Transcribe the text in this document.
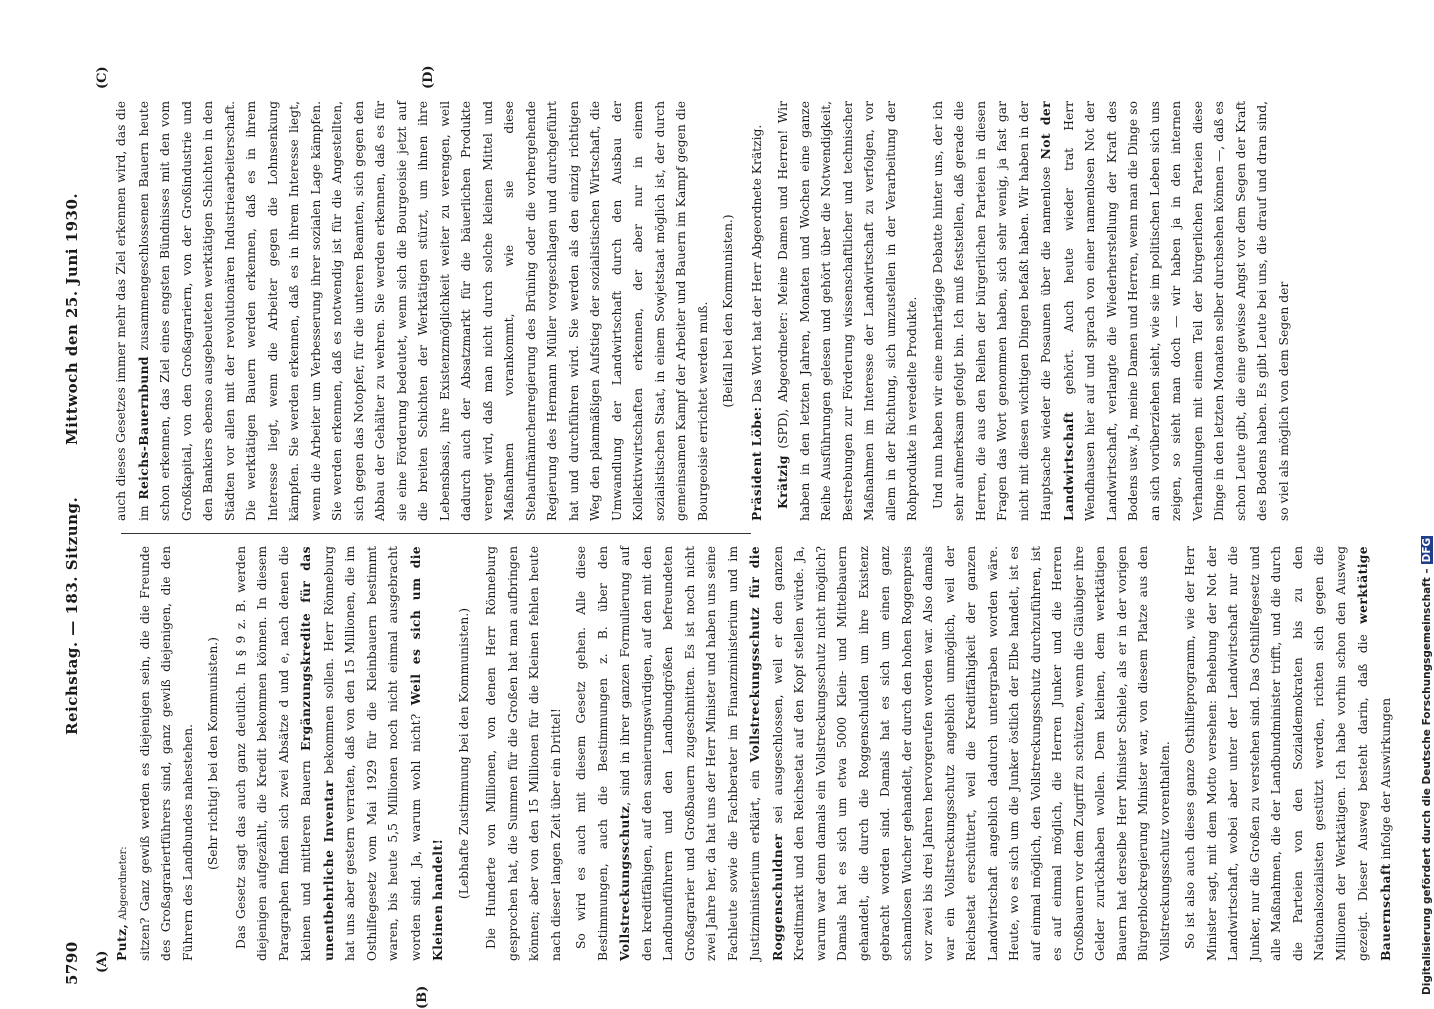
5790
Reichstag. — 183. Sitzung.
Mittwoch den 25. Juni 1930.
(A)
(B)
(C)	(D)

Putz, Abgeordneter: sitzen? Ganz gewiß werden es diejenigen sein, die die Freunde des Großagrariertführers sind, ganz gewiß diejenigen, die den Führern des Landbundes nahestehen. (Sehr richtig! bei den Kommunisten.)	Das Gesetz sagt das auch ganz deutlich. In § 9 z. B. werden diejenigen aufgezählt, die Kredit bekommen können. In diesem Paragraphen finden sich zwei Absätze d und e, nach denen die kleinen und mittleren Bauern Ergänzungskredite für das unentbehrliche Inventar bekommen sollen. Herr Rönneburg hat uns aber gestern verraten, daß von den 15 Millionen, die im Osthilfegesetz vom Mai 1929 für die Kleinbauern bestimmt waren, bis heute 5,5 Millionen noch nicht einmal ausgebracht worden sind. Ja, warum wohl nicht? Weil es sich um die Kleinen handelt!

(Lebhafte Zustimmung bei den Kommunisten.)	Die Hunderte von Millionen, von denen Herr Rönneburg gesprochen hat, die Summen für die Großen hat man aufbringen können; aber von den 15 Millionen für die Kleinen fehlen heute nach dieser langen Zeit über ein Drittel! So wird es auch mit diesem Gesetz gehen. Alle diese Bestimmungen, auch die Bestimmungen z. B. über den Vollstreckungsschutz, sind in ihrer ganzen Formulierung auf den kreditfähigen, auf den sanierungswürdigen, auf den mit den Landbundführern und den Landbundgrößen befreundeten Großagrarier und Großbauern zugeschnitten. Es ist noch nicht zwei Jahre her, da hat uns der Herr Minister und haben uns seine Fachleute sowie die Fachberater im Finanzministerium und im Justizministerium erklärt, ein Vollstreckungsschutz für die Roggenschuldner sei ausgeschlossen, weil er den ganzen Kreditmarkt und den Reichsetat auf den Kopf stellen würde. Ja, warum war denn damals ein Vollstreckungsschutz nicht möglich? Damals hat es sich um etwa 5000 Klein- und Mittelbauern gehandelt, die durch die Roggenschulden um ihre Existenz gebracht worden sind. Damals hat es sich um einen ganz schamlosen Wucher gehandelt, der durch den hohen Roggenpreis vor zwei bis drei Jahren hervorgerufen worden war. Also damals war ein Vollstreckungsschutz angeblich unmöglich, weil der Reichsetat erschüttert, weil die Kreditfähigkeit der ganzen Landwirtschaft angeblich dadurch untergraben worden wäre. Heute, wo es sich um die Junker östlich der Elbe handelt, ist es auf einmal möglich, den Vollstreckungsschutz durchzuführen, ist es auf einmal möglich, die Herren Junker und die Herren Großbauern vor dem Zugriff zu schützen, wenn die Gläubiger ihre Gelder zurückhaben wollen. Dem kleinen, dem werktätigen Bauern hat derselbe Herr Minister Schiele, als er in der vorigen Bürgerblockregierung Minister war, von diesem Platze aus den Vollstreckungsschutz vorenthalten. So ist also auch dieses ganze Osthilfeprogramm, wie der Herr Minister sagt, mit dem Motto versehen: Behebung der Not der Landwirtschaft, wobei aber unter der Landwirtschaft nur die Junker, nur die Großen zu verstehen sind. Das Osthilfegesetz und alle Maßnahmen, die der Landbundminister trifft, und die durch die Parteien von den Sozialdemokraten bis zu den Nationalsozialisten gestützt werden, richten sich gegen die Millionen der Werktätigen. Ich habe vorhin schon den Ausweg gezeigt. Dieser Ausweg besteht darin, daß die werktätige Bauernschaft infolge der Auswirkungen

auch dieses Gesetzes immer mehr das Ziel erkennen wird, das die im Reichs-Bauernbund zusammengeschlossenen Bauern heute schon erkennen, das Ziel eines engsten Bündnisses mit den vom Großkapital, von den Großagrariern, von der Großindustrie und den Bankiers ebenso ausgebeuteten werktätigen Schichten in den Städten vor allen mit der revolutionären Industriearbeiterschaft. Die werktätigen Bauern werden erkennen, daß es in ihrem Interesse liegt, wenn die Arbeiter gegen die Lohnsenkung kämpfen. Sie werden erkennen, daß es in ihrem Interesse liegt, wenn die Arbeiter um Verbesserung ihrer sozialen Lage kämpfen. Sie werden erkennen, daß es notwendig ist für die Angestellten, sich gegen das Notopfer, für die unteren Beamten, sich gegen den Abbau der Gehälter zu wehren. Sie werden erkennen, daß es für sie eine Förderung bedeutet, wenn sich die Bourgeoisie jetzt auf die breiten Schichten der Werktätigen stürzt, um ihnen ihre Lebensbasis, ihre Existenzmöglichkeit weiter zu verengen, weil dadurch auch der Absatzmarkt für die bäuerlichen Produkte verengt wird, daß man nicht durch solche kleinen Mittel und Maßnahmen vorankommt, wie sie diese Stehaufmännchenregierung des Brüning oder die vorhergehende Regierung des Hermann Müller vorgeschlagen und durchgeführt hat und durchführen wird. Sie werden als den einzig richtigen Weg den planmäßigen Aufstieg der sozialistischen Wirtschaft, die Umwandlung der Landwirtschaft durch den Ausbau der Kollektivwirtschaften erkennen, der aber nur in einem sozialistischen Staat, in einem Sowjetstaat möglich ist, der durch gemeinsamen Kampf der Arbeiter und Bauern im Kampf gegen die Bourgeoisie errichtet werden muß. (Beifall bei den Kommunisten.)

Präsident Löbe: Das Wort hat der Herr Abgeordnete Krätzig.

Krätzig (SPD), Abgeordneter: Meine Damen und Herren! Wir haben in den letzten Jahren, Monaten und Wochen eine ganze Reihe Ausführungen gelesen und gehört über die Notwendigkeit, Bestrebungen zur Förderung wissenschaftlicher und technischer Maßnahmen im Interesse der Landwirtschaft zu verfolgen, vor allem in der Richtung, sich umzustellen in der Verarbeitung der Rohprodukte in veredelte Produkte. Und nun haben wir eine mehrtägige Debatte hinter uns, der ich sehr aufmerksam gefolgt bin. Ich muß feststellen, daß gerade die Herren, die aus den Reihen der bürgerlichen Parteien in diesen Fragen das Wort genommen haben, sich sehr wenig, ja fast gar nicht mit diesen wichtigen Dingen befaßt haben. Wir haben in der Hauptsache wieder die Posaunen über die namenlose Not der Landwirtschaft gehört. Auch heute wieder trat Herr Wendhausen hier auf und sprach von einer namenlosen Not der Landwirtschaft, verlangte die Wiederherstellung der Kraft des Bodens usw. Ja, meine Damen und Herren, wenn man die Dinge so an sich vorüberziehen sieht, wie sie im politischen Leben sich uns zeigen, so sieht man doch — wir haben ja in den internen Verhandlungen mit einem Teil der bürgerlichen Parteien diese Dinge in den letzten Monaten selber durchsehen können —, daß es schon Leute gibt, die eine gewisse Angst vor dem Segen der Kraft des Bodens haben. Es gibt Leute bei uns, die drauf und dran sind, so viel als möglich von dem Segen der

Digitalisierung gefördert durch die Deutsche Forschungsgemeinschaft –DFG
